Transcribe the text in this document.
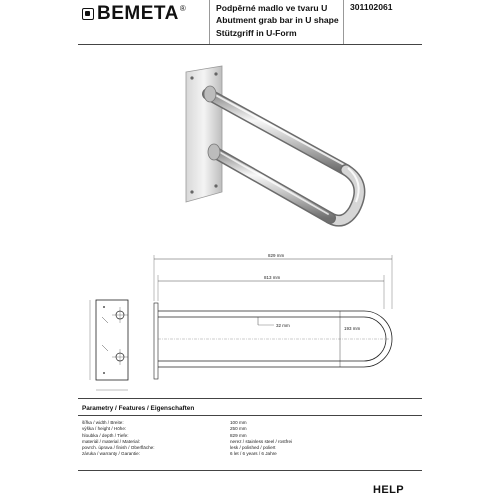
BEMETA ®	Podpěrné madlo ve tvaru U
Abutment grab bar in U shape
Stützgriff in U-Form
301102061
829 mm
813 mm
32 mm
193 mm
Parametry / Features / Eigenschaften
šířka / width / Breite:	100 mm
výška / height / Höhe:	250 mm
hloubka / depth / Tiefe:	829 mm
materiál / material / Material:	nerez / stainless steel / rostfrei
povrch. úprava / finish / Oberfläche:	lesk / polished / poliert
záruka / warranty / Garantie:	6 let / 6 years / 6 Jahre
HELP
